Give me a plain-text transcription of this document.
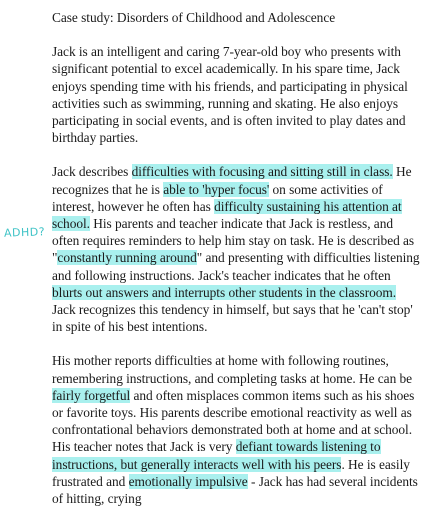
ADHD?

Case study: Disorders of Childhood and Adolescence

Jack is an intelligent and caring 7-year-old boy who presents with significant potential to excel academically. In his spare time, Jack enjoys spending time with his friends, and participating in physical activities such as swimming, running and skating. He also enjoys participating in social events, and is often invited to play dates and birthday parties.

Jack describes difficulties with focusing and sitting still in class. He recognizes that he is able to 'hyper focus' on some activities of interest, however he often has difficulty sustaining his attention at school. His parents and teacher indicate that Jack is restless, and often requires reminders to help him stay on task. He is described as "constantly running around" and presenting with difficulties listening and following instructions. Jack's teacher indicates that he often blurts out answers and interrupts other students in the classroom. Jack recognizes this tendency in himself, but says that he 'can't stop' in spite of his best intentions.

His mother reports difficulties at home with following routines, remembering instructions, and completing tasks at home. He can be fairly forgetful and often misplaces common items such as his shoes or favorite toys. His parents describe emotional reactivity as well as confrontational behaviors demonstrated both at home and at school. His teacher notes that Jack is very defiant towards listening to instructions, but generally interacts well with his peers. He is easily frustrated and emotionally impulsive - Jack has had several incidents of hitting, crying
